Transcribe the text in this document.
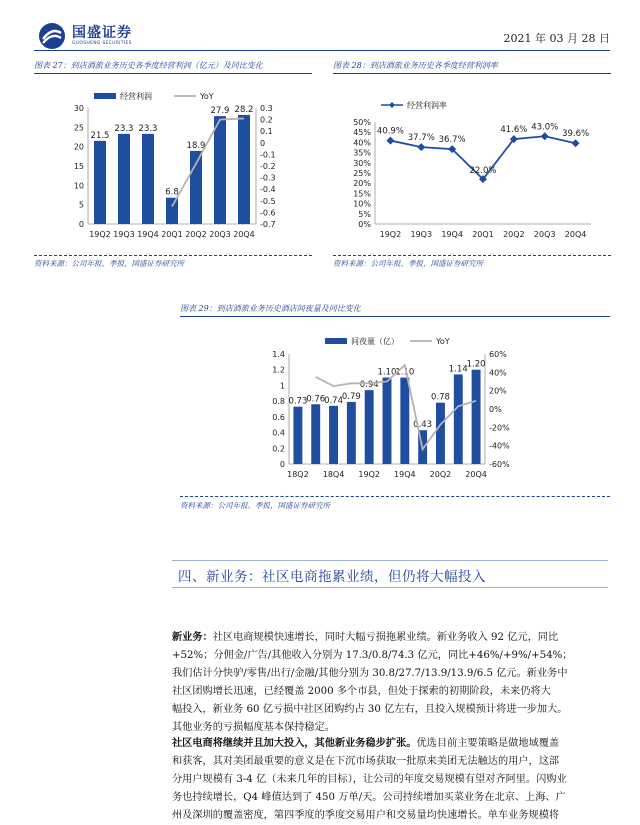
国盛证券
GUOSHENG SECURITIES	2021 年 03 月 28 日
图表 27：到店酒旅业务历史各季度经营利润（亿元）及同比变化
0
5
10
15
20
25
30	0.3
0.2
0.1
0
-0.1
-0.2
-0.3
-0.4
-0.5
-0.6
-0.7
21.5
23.3 23.3
6.8
18.9
27.9 28.2
19Q2 19Q3 19Q4 20Q1 20Q2 20Q3 20Q4
经营利润	YoY
资料来源：公司年报、季报，国盛证券研究所
图表 28：到店酒旅业务历史各季度经营利润率
0%
5%
10%
15%
20%
25%
30%
35%
40%
45%
50%
19Q2 19Q3 19Q4 20Q1 20Q2 20Q3 20Q4
40.9%
37.7% 36.7%
22.0%
41.6% 43.0%
39.6%
经营利润率
资料来源：公司年报、季报，国盛证券研究所
图表 29：到店酒旅业务历史酒店间夜量及同比变化
0
0.2
0.4
0.6
0.8
1
1.2
1.4	60%
40%
20%
0%
-20%
-40%
-60%
0.73
0.76
0.74
0.79
0.94
1.10
1.10
0.43
0.78
1.14
1.20
18Q2 18Q4 19Q2 19Q4 20Q2 20Q4
间夜量（亿）	YoY
资料来源：公司年报、季报，国盛证券研究所
四、新业务：社区电商拖累业绩，但仍将大幅投入
新业务：社区电商规模快速增长，同时大幅亏损拖累业绩。新业务收入 92 亿元，同比
+52%；分佣金/广告/其他收入分别为 17.3/0.8/74.3 亿元，同比+46%/+9%/+54%；
我们估计分快驴/零售/出行/金融/其他分别为 30.8/27.7/13.9/13.9/6.5 亿元。新业务中
社区团购增长迅速，已经覆盖 2000 多个市县，但处于探索的初期阶段，未来仍将大
幅投入，新业务 60 亿亏损中社区团购约占 30 亿左右，且投入规模预计将进一步加大。
其他业务的亏损幅度基本保持稳定。
社区电商将继续并且加大投入，其他新业务稳步扩张。优选目前主要策略是做地域覆盖
和获客，其对美团最重要的意义是在下沉市场获取一批原来美团无法触达的用户，这部
分用户规模有 3-4 亿（未来几年的目标），让公司的年度交易规模有望对齐阿里。闪购业
务也持续增长，Q4 峰值达到了 450 万单/天。公司持续增加买菜业务在北京、上海、广
州及深圳的覆盖密度，第四季度的季度交易用户和交易量均快速增长。单车业务规模将
